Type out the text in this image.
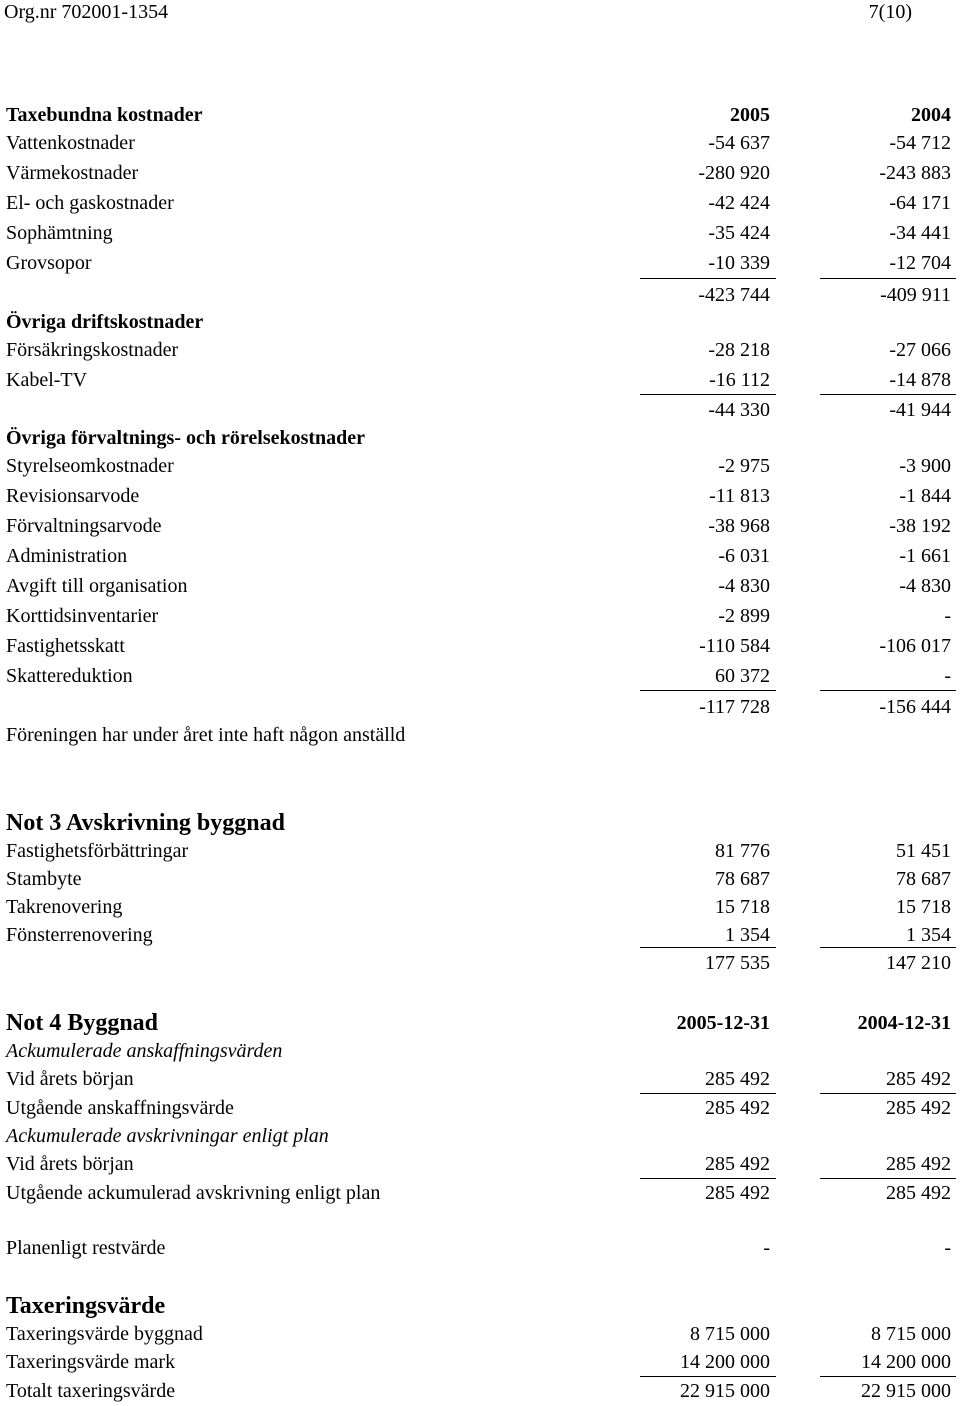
Org.nr 702001-1354	7(10)
Taxebundna kostnader	2005	2004
Vattenkostnader	-54 637	-54 712
Värmekostnader	-280 920	-243 883
El- och gaskostnader	-42 424	-64 171
Sophämtning	-35 424	-34 441
Grovsopor	-10 339	-12 704
-423 744	-409 911
Övriga driftskostnader
Försäkringskostnader	-28 218	-27 066
Kabel-TV	-16 112	-14 878
-44 330	-41 944
Övriga förvaltnings- och rörelsekostnader
Styrelseomkostnader	-2 975	-3 900
Revisionsarvode	-11 813	-1 844
Förvaltningsarvode	-38 968	-38 192
Administration	-6 031	-1 661
Avgift till organisation	-4 830	-4 830
Korttidsinventarier	-2 899	-
Fastighetsskatt	-110 584	-106 017
Skattereduktion	60 372	-
-117 728	-156 444
Föreningen har under året inte haft någon anställd
Not 3 Avskrivning byggnad
Fastighetsförbättringar	81 776	51 451
Stambyte	78 687	78 687
Takrenovering	15 718	15 718
Fönsterrenovering	1 354	1 354
177 535	147 210
Not 4 Byggnad	2005-12-31	2004-12-31
Ackumulerade anskaffningsvärden
Vid årets början	285 492	285 492
Utgående anskaffningsvärde	285 492	285 492
Ackumulerade avskrivningar enligt plan
Vid årets början	285 492	285 492
Utgående ackumulerad avskrivning enligt plan	285 492	285 492
Planenligt restvärde	-	-
Taxeringsvärde
Taxeringsvärde byggnad	8 715 000	8 715 000
Taxeringsvärde mark	14 200 000	14 200 000
Totalt taxeringsvärde	22 915 000	22 915 000
